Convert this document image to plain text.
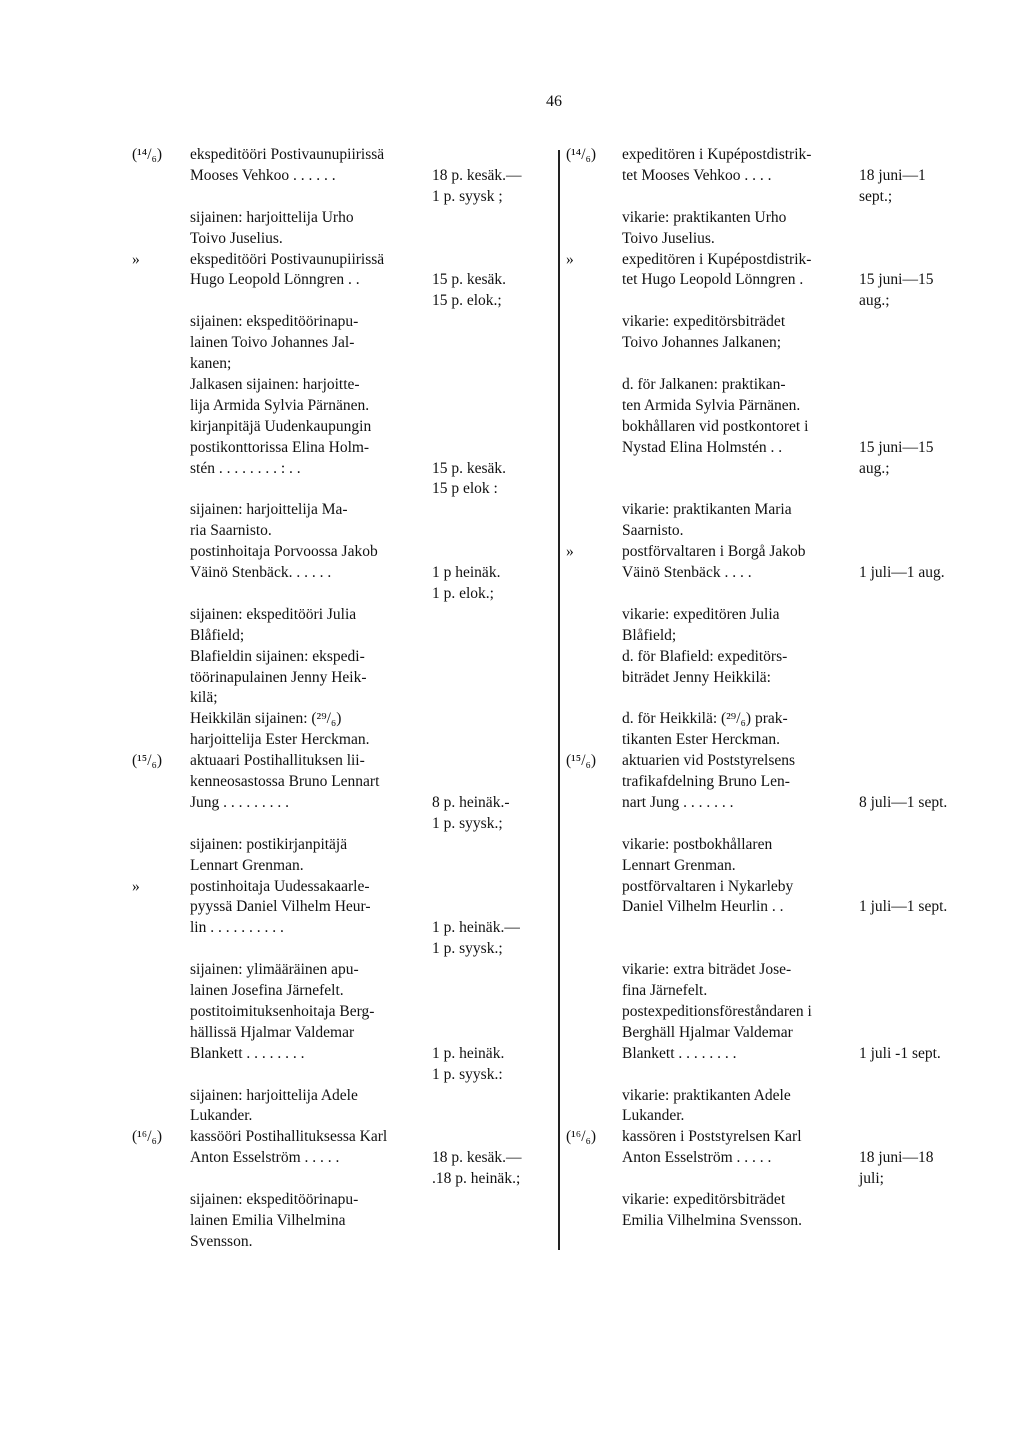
46
(¹⁴/₆) ekspeditööri Postivaunupiirissä
Mooses Vehkoo . . . . . .	18 p. kesäk.—
1 p. syysk ;
sijainen: harjoittelija Urho
Toivo Juselius.
»	ekspeditööri Postivaunupiirissä
Hugo Leopold Lönngren . .	15 p. kesäk.
15 p. elok.;
sijainen: ekspeditöörinapu-
lainen Toivo Johannes Jal-
kanen;
Jalkasen sijainen: harjoitte-
lija Armida Sylvia Pärnänen.
kirjanpitäjä Uudenkaupungin
postikonttorissa Elina Holm-
stén . . . . . . . . : . .	15 p. kesäk.
15 p elok :
sijainen: harjoittelija Ma-
ria Saarnisto.
postinhoitaja Porvoossa Jakob
Väinö Stenbäck. . . . . .	1 p heinäk.
1 p. elok.;
sijainen: ekspeditööri Julia
Blåfield;
Blafieldin sijainen: ekspedi-
töörinapulainen Jenny Heik-
kilä;
Heikkilän sijainen: (²⁹/₆)
harjoittelija Ester Herckman.
(¹⁵/₆) aktuaari Postihallituksen lii-
kenneosastossa Bruno Lennart
Jung . . . . . . . . .	8 p. heinäk.-
1 p. syysk.;
sijainen: postikirjanpitäjä
Lennart Grenman.
»	postinhoitaja Uudessakaarle-
pyyssä Daniel Vilhelm Heur-
lin . . . . . . . . . .	1 p. heinäk.—
1 p. syysk.;
sijainen: ylimääräinen apu-
lainen Josefina Järnefelt.
postitoimituksenhoitaja Berg-
hällissä Hjalmar Valdemar
Blankett . . . . . . . .	1 p. heinäk.
1 p. syysk.:
sijainen: harjoittelija Adele
Lukander.
(¹⁶/₆) kassööri Postihallituksessa Karl
Anton Esselström . . . . .	18 p. kesäk.—
.18 p. heinäk.;
sijainen: ekspeditöörinapu-
lainen Emilia Vilhelmina
Svensson.
(¹⁴/₆) expeditören i Kupépostdistrik-
tet Mooses Vehkoo . . . .	18 juni—1
sept.;
vikarie: praktikanten Urho
Toivo Juselius.
»	expeditören i Kupépostdistrik-
tet Hugo Leopold Lönngren .	15 juni—15
aug.;
vikarie: expeditörsbiträdet
Toivo Johannes Jalkanen;
d. för Jalkanen: praktikan-
ten Armida Sylvia Pärnänen.
bokhållaren vid postkontoret i
Nystad Elina Holmstén . .	15 juni—15
aug.;
vikarie: praktikanten Maria
Saarnisto.
»	postförvaltaren i Borgå Jakob
Väinö Stenbäck . . . .	1 juli—1 aug.
vikarie: expeditören Julia
Blåfield;
d. för Blafield: expeditörs-
biträdet Jenny Heikkilä:
d. för Heikkilä: (²⁹/₆) prak-
tikanten Ester Herckman.
(¹⁵/₆) aktuarien vid Poststyrelsens
trafikafdelning Bruno Len-
nart Jung . . . . . . .	8 juli—1 sept.
vikarie: postbokhållaren
Lennart Grenman.
postförvaltaren i Nykarleby
Daniel Vilhelm Heurlin . .	1 juli—1 sept.
vikarie: extra biträdet Jose-
fina Järnefelt.
postexpeditionsföreståndaren i
Berghäll Hjalmar Valdemar
Blankett . . . . . . . .	1 juli -1 sept.
vikarie: praktikanten Adele
Lukander.
(¹⁶/₆) kassören i Poststyrelsen Karl
Anton Esselström . . . . .	18 juni—18
juli;
vikarie: expeditörsbiträdet
Emilia Vilhelmina Svensson.
